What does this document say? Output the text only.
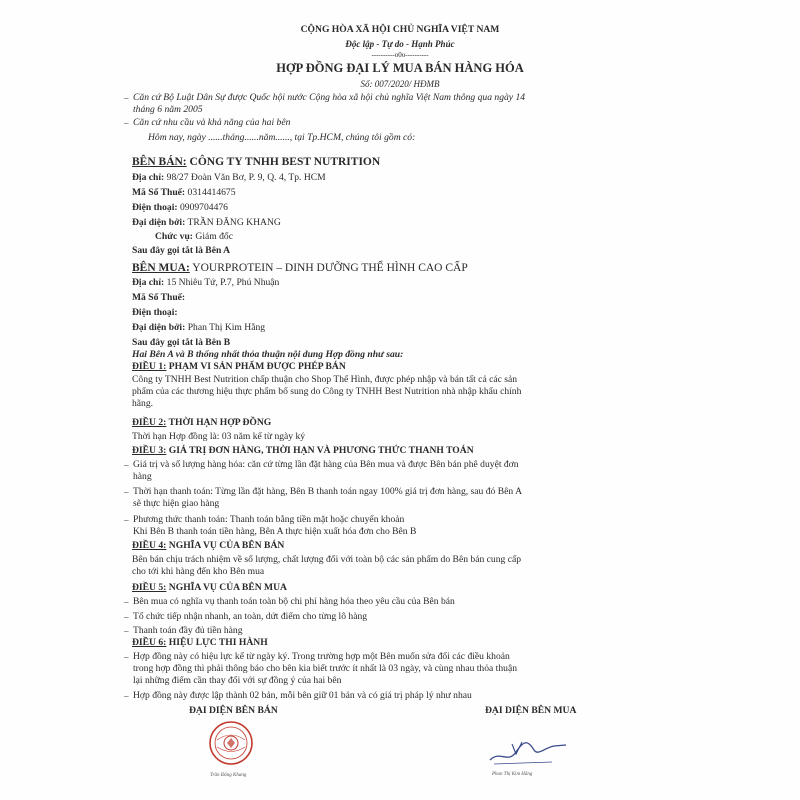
CỘNG HÒA XÃ HỘI CHỦ NGHĨA VIỆT NAM
Độc lập - Tự do - Hạnh Phúc
----------o0o----------
HỢP ĐỒNG ĐẠI LÝ MUA BÁN HÀNG HÓA
Số: 007/2020/ HĐMB
– Căn cứ Bộ Luật Dân Sự được Quốc hội nước Cộng hòa xã hội chủ nghĩa Việt Nam thông qua ngày 14
tháng 6 năm 2005
– Căn cứ nhu cầu và khả năng của hai bên
Hôm nay, ngày ......tháng......năm......, tại Tp.HCM, chúng tôi gồm có:
BÊN BÁN: CÔNG TY TNHH BEST NUTRITION
Địa chỉ: 98/27 Đoàn Văn Bơ, P. 9, Q. 4, Tp. HCM
Mã Số Thuế: 0314414675
Điện thoại: 0909704476
Đại diện bởi: TRẦN ĐĂNG KHANG
Chức vụ: Giám đốc
Sau đây gọi tắt là Bên A
BÊN MUA: YOURPROTEIN – DINH DƯỠNG THỂ HÌNH CAO CẤP
Địa chỉ: 15 Nhiêu Tứ, P.7, Phú Nhuận
Mã Số Thuế:
Điện thoại:
Đại diện bởi: Phan Thị Kim Hằng
Sau đây gọi tắt là Bên B
Hai Bên A và B thống nhất thỏa thuận nội dung Hợp đồng như sau:
ĐIỀU 1: PHẠM VI SẢN PHẨM ĐƯỢC PHÉP BÁN
Công ty TNHH Best Nutrition chấp thuận cho Shop Thể Hình, được phép nhập và bán tất cả các sản
phẩm của các thương hiệu thực phẩm bổ sung do Công ty TNHH Best Nutrition nhà nhập khẩu chính
hãng.
ĐIỀU 2: THỜI HẠN HỢP ĐỒNG
Thời hạn Hợp đồng là: 03 năm kể từ ngày ký
ĐIỀU 3: GIÁ TRỊ ĐƠN HÀNG, THỜI HẠN VÀ PHƯƠNG THỨC THANH TOÁN
– Giá trị và số lượng hàng hóa: căn cứ từng lần đặt hàng của Bên mua và được Bên bán phê duyệt đơn
hàng
– Thời hạn thanh toán: Từng lần đặt hàng, Bên B thanh toán ngay 100% giá trị đơn hàng, sau đó Bên A
sẽ thực hiện giao hàng
– Phương thức thanh toán: Thanh toán bằng tiền mặt hoặc chuyển khoản
Khi Bên B thanh toán tiền hàng, Bên A thực hiện xuất hóa đơn cho Bên B
ĐIỀU 4: NGHĨA VỤ CỦA BÊN BÁN
Bên bán chịu trách nhiệm về số lượng, chất lượng đối với toàn bộ các sản phẩm do Bên bán cung cấp
cho tới khi hàng đến kho Bên mua
ĐIỀU 5: NGHĨA VỤ CỦA BÊN MUA
– Bên mua có nghĩa vụ thanh toán toàn bộ chi phí hàng hóa theo yêu cầu của Bên bán
– Tổ chức tiếp nhận nhanh, an toàn, dứt điểm cho từng lô hàng
– Thanh toán đầy đủ tiền hàng
ĐIỀU 6: HIỆU LỰC THI HÀNH
– Hợp đồng này có hiệu lực kể từ ngày ký. Trong trường hợp một Bên muốn sửa đổi các điều khoản
trong hợp đồng thì phải thông báo cho bên kia biết trước ít nhất là 03 ngày, và cùng nhau thỏa thuận
lại những điểm cần thay đổi với sự đồng ý của hai bên
– Hợp đồng này được lập thành 02 bản, mỗi bên giữ 01 bản và có giá trị pháp lý như nhau
ĐẠI DIỆN BÊN BÁN	ĐẠI DIỆN BÊN MUA
Trần Đăng Khang	Phan Thị Kim Hằng
